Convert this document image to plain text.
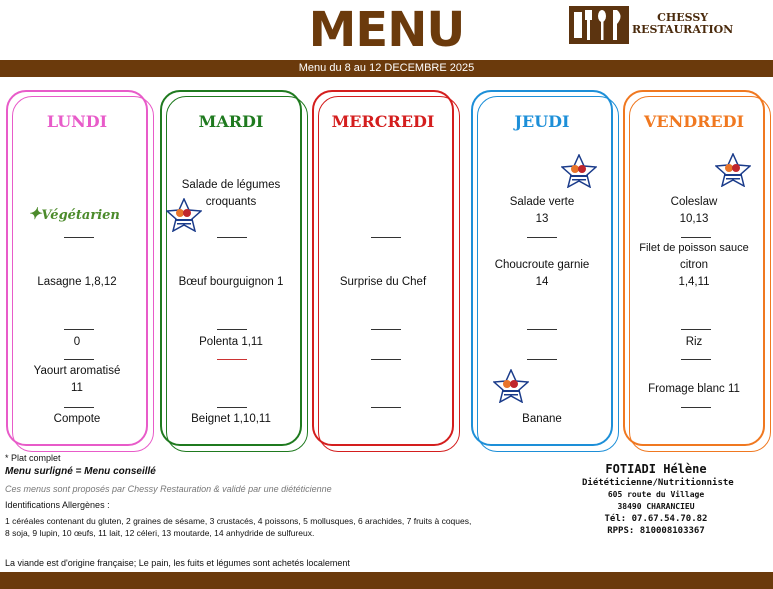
MENU	CHESSY
RESTAURATION
Menu du 8 au 12 DECEMBRE 2025
LUNDI
✦Végétarien
Lasagne 1,8,12
0
Yaourt aromatisé
11
Compote
MARDI
Salade de légumes
croquants
Bœuf bourguignon 1
Polenta 1,11
Beignet 1,10,11
MERCREDI
Surprise du Chef
JEUDI
Salade verte
13
Choucroute garnie
14
Banane
VENDREDI
Coleslaw
10,13
Filet de poisson sauce
citron
1,4,11
Riz
Fromage blanc 11
* Plat complet
Menu surligné = Menu conseillé
Ces menus sont proposés par Chessy Restauration & validé par une diététicienne
Identifications Allergènes :
1 céréales contenant du gluten, 2 graines de sésame, 3 crustacés, 4 poissons, 5 mollusques, 6 arachides, 7 fruits à coques,
8 soja, 9 lupin, 10 œufs, 11 lait, 12 céleri, 13 moutarde, 14 anhydride de sulfureux.
La viande est d'origine française; Le pain, les fuits et légumes sont achetés localement
FOTIADI Hélène
Diététicienne/Nutritionniste
605 route du Village
38490 CHARANCIEU
Tél: 07.67.54.70.82
RPPS: 810008103367
